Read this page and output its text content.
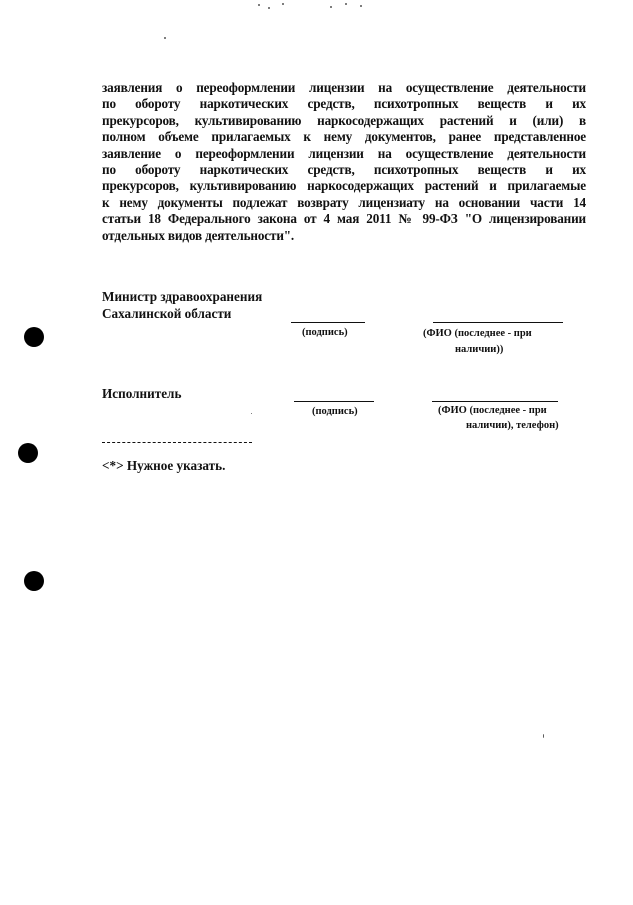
заявления о переоформлении лицензии на осуществление деятельности
по обороту наркотических средств, психотропных веществ и их
прекурсоров, культивированию наркосодержащих растений и (или) в
полном объеме прилагаемых к нему документов, ранее представленное
заявление о переоформлении лицензии на осуществление деятельности
по обороту наркотических средств, психотропных веществ и их
прекурсоров, культивированию наркосодержащих растений и прилагаемые
к нему документы подлежат возврату лицензиату на основании части 14
статьи 18 Федерального закона от 4 мая 2011 № 99-ФЗ "О лицензировании
отдельных видов деятельности".
Министр здравоохранения
Сахалинской области
(подпись)	(ФИО (последнее - при
наличии))
Исполнитель
(подпись)	(ФИО (последнее - при
наличии), телефон)
<*> Нужное указать.
